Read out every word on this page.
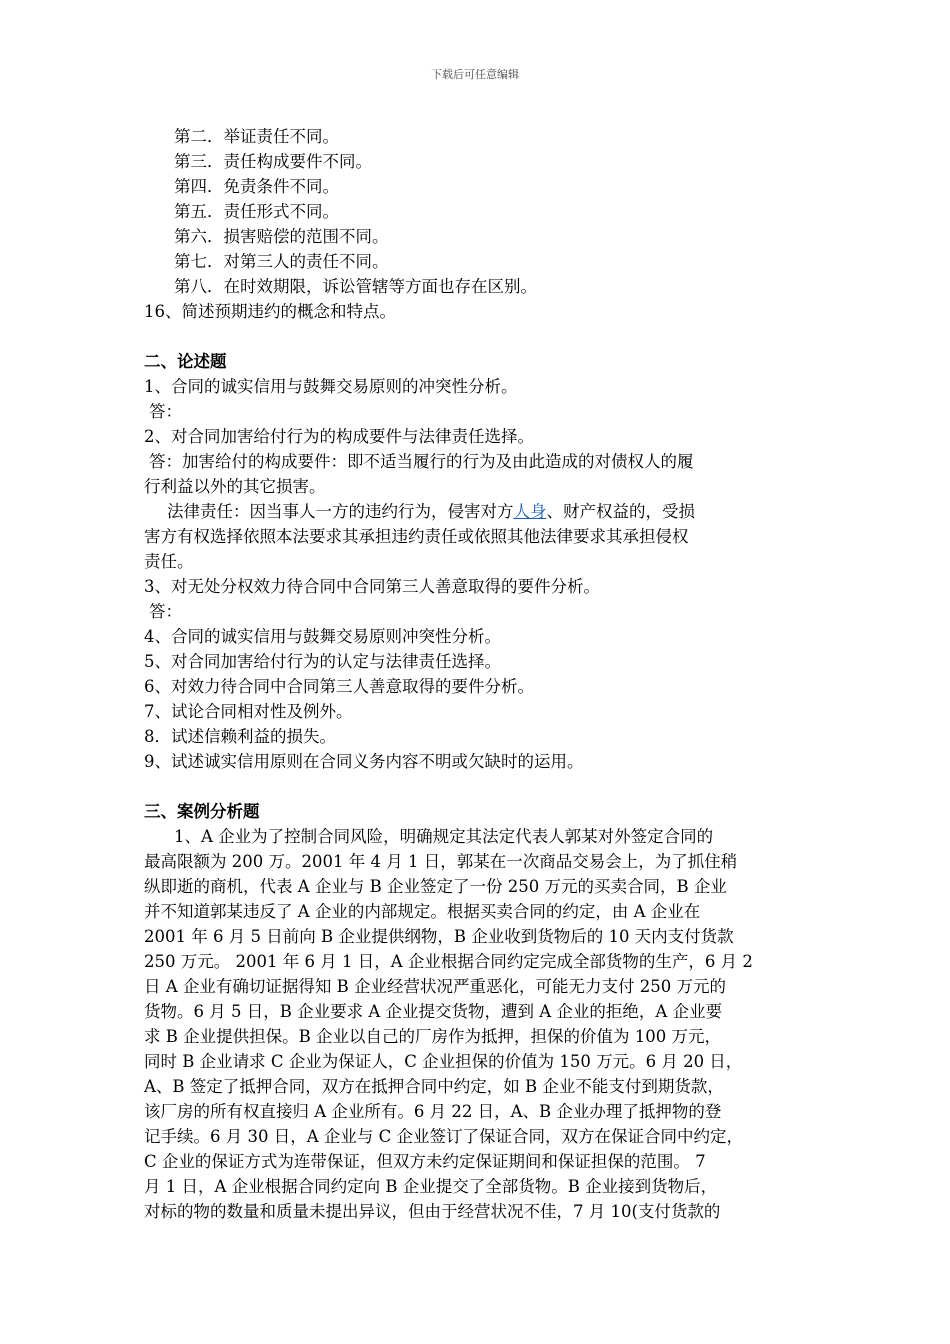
下载后可任意编辑
第二．举证责任不同。
第三．责任构成要件不同。
第四．免责条件不同。
第五．责任形式不同。
第六．损害赔偿的范围不同。
第七．对第三人的责任不同。
第八．在时效期限，诉讼管辖等方面也存在区别。
16、简述预期违约的概念和特点。
二、论述题
1、合同的诚实信用与鼓舞交易原则的冲突性分析。
答：
2、对合同加害给付行为的构成要件与法律责任选择。
答：加害给付的构成要件：即不适当履行的行为及由此造成的对债权人的履
行利益以外的其它损害。
法律责任：因当事人一方的违约行为，侵害对方人身、财产权益的，受损
害方有权选择依照本法要求其承担违约责任或依照其他法律要求其承担侵权
责任。
3、对无处分权效力待合同中合同第三人善意取得的要件分析。
答：
4、合同的诚实信用与鼓舞交易原则冲突性分析。
5、对合同加害给付行为的认定与法律责任选择。
6、对效力待合同中合同第三人善意取得的要件分析。
7、试论合同相对性及例外。
8．试述信赖利益的损失。
9、试述诚实信用原则在合同义务内容不明或欠缺时的运用。
三、案例分析题
1、A 企业为了控制合同风险，明确规定其法定代表人郭某对外签定合同的
最高限额为 200 万。2001 年 4 月 1 日，郭某在一次商品交易会上，为了抓住稍
纵即逝的商机，代表 A 企业与 B 企业签定了一份 250 万元的买卖合同，B 企业
并不知道郭某违反了 A 企业的内部规定。根据买卖合同的约定，由 A 企业在
2001 年 6 月 5 日前向 B 企业提供纲物，B 企业收到货物后的 10 天内支付货款
250 万元。 2001 年 6 月 1 日，A 企业根据合同约定完成全部货物的生产，6 月 2
日 A 企业有确切证据得知 B 企业经营状况严重恶化，可能无力支付 250 万元的
货物。6 月 5 日，B 企业要求 A 企业提交货物，遭到 A 企业的拒绝，A 企业要
求 B 企业提供担保。B 企业以自己的厂房作为抵押，担保的价值为 100 万元，
同时 B 企业请求 C 企业为保证人，C 企业担保的价值为 150 万元。6 月 20 日，
A、B 签定了抵押合同，双方在抵押合同中约定，如 B 企业不能支付到期货款，
该厂房的所有权直接归 A 企业所有。6 月 22 日，A、B 企业办理了抵押物的登
记手续。6 月 30 日，A 企业与 C 企业签订了保证合同，双方在保证合同中约定，
C 企业的保证方式为连带保证，但双方未约定保证期间和保证担保的范围。 7
月 1 日，A 企业根据合同约定向 B 企业提交了全部货物。B 企业接到货物后，
对标的物的数量和质量未提出异议，但由于经营状况不佳，7 月 10(支付货款的
